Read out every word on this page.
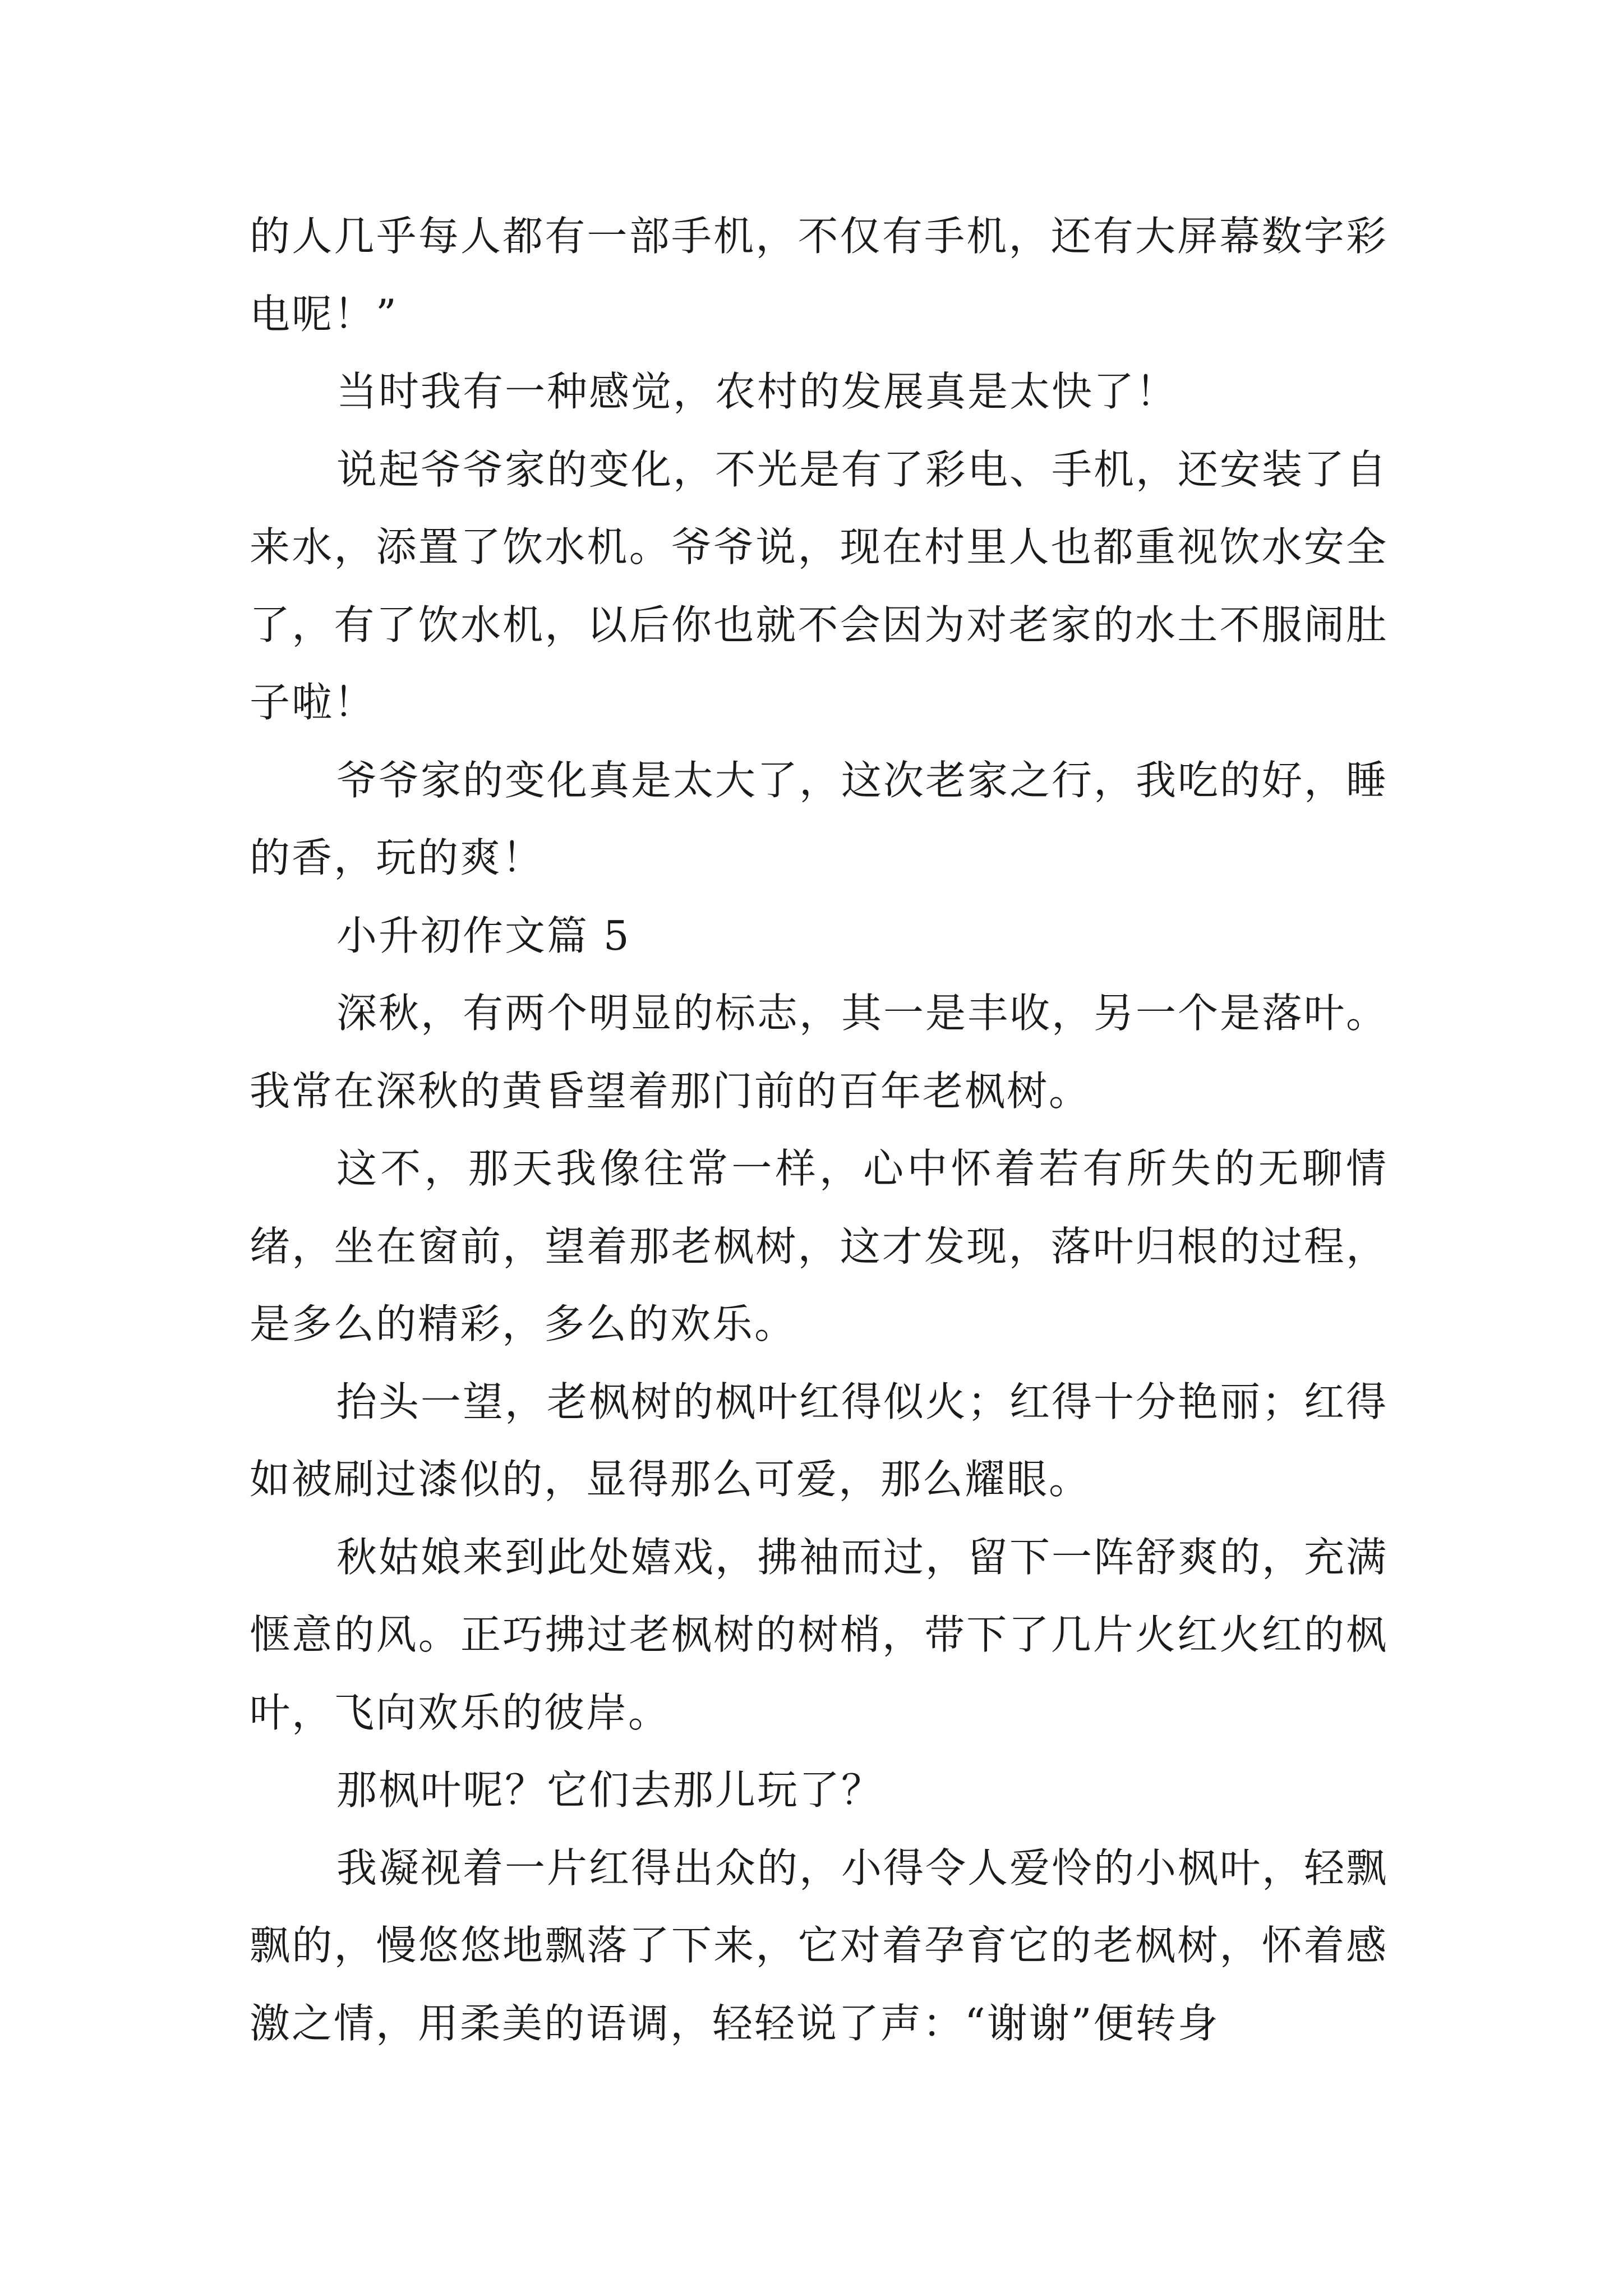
的人几乎每人都有一部手机，不仅有手机，还有大屏幕数字彩电呢！”

当时我有一种感觉，农村的发展真是太快了！

说起爷爷家的变化，不光是有了彩电、手机，还安装了自来水，添置了饮水机。爷爷说，现在村里人也都重视饮水安全了，有了饮水机，以后你也就不会因为对老家的水土不服闹肚子啦！

爷爷家的变化真是太大了，这次老家之行，我吃的好，睡的香，玩的爽！

小升初作文篇 5

深秋，有两个明显的标志，其一是丰收，另一个是落叶。我常在深秋的黄昏望着那门前的百年老枫树。

这不，那天我像往常一样，心中怀着若有所失的无聊情绪，坐在窗前，望着那老枫树，这才发现，落叶归根的过程，是多么的精彩，多么的欢乐。

抬头一望，老枫树的枫叶红得似火；红得十分艳丽；红得如被刷过漆似的，显得那么可爱，那么耀眼。

秋姑娘来到此处嬉戏，拂袖而过，留下一阵舒爽的，充满惬意的风。正巧拂过老枫树的树梢，带下了几片火红火红的枫叶，飞向欢乐的彼岸。

那枫叶呢？它们去那儿玩了？

我凝视着一片红得出众的，小得令人爱怜的小枫叶，轻飘飘的，慢悠悠地飘落了下来，它对着孕育它的老枫树，怀着感激之情，用柔美的语调，轻轻说了声：“谢谢”便转身
